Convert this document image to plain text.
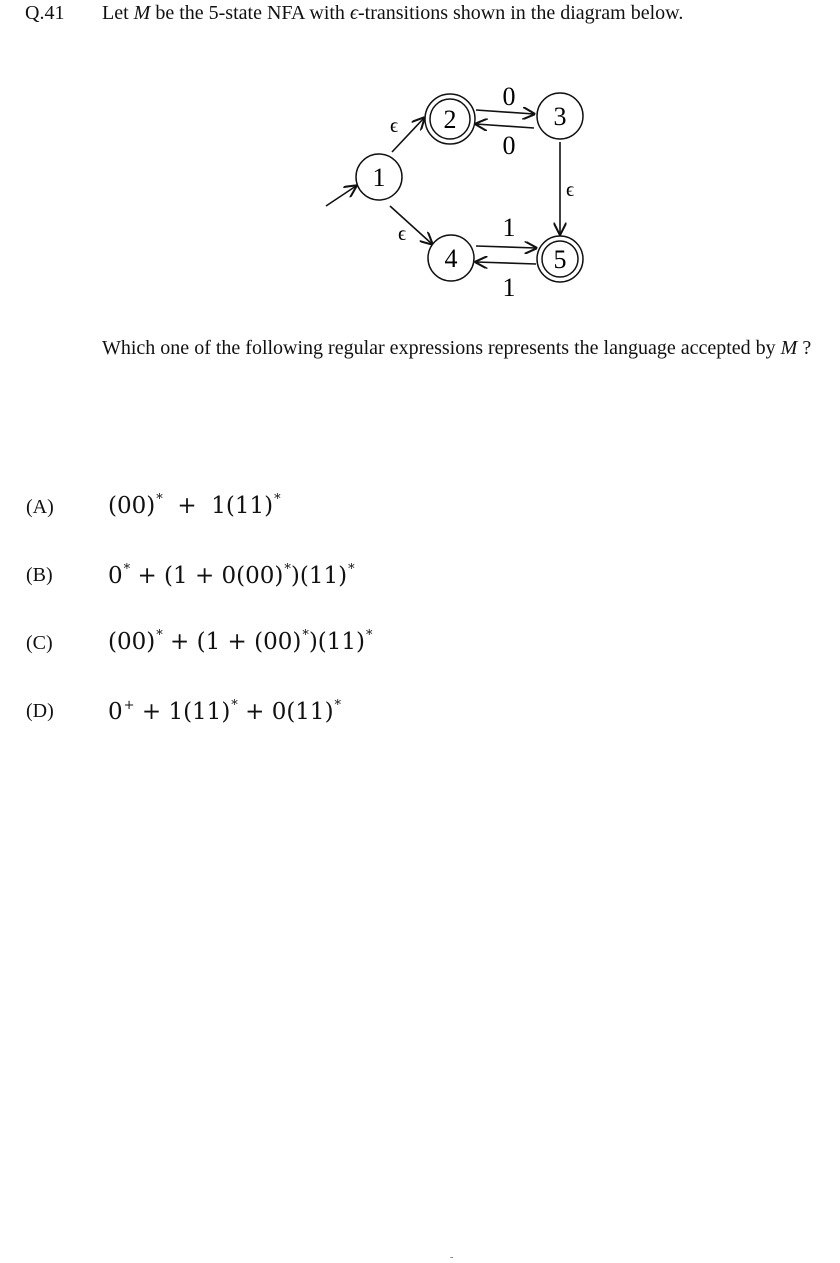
Q.41 Let M be the 5-state NFA with ϵ-transitions shown in the diagram below.
ϵ
ϵ
0
0
ϵ
1
1
1
2	3
4	5
Which one of the following regular expressions represents the language accepted by M ?
(A) (00)*  +  1(11)*
(B) 0* + (1 + 0(00)*)(11)*
(C) (00)* + (1 + (00)*)(11)*
(D) 0+ + 1(11)* + 0(11)*
-
